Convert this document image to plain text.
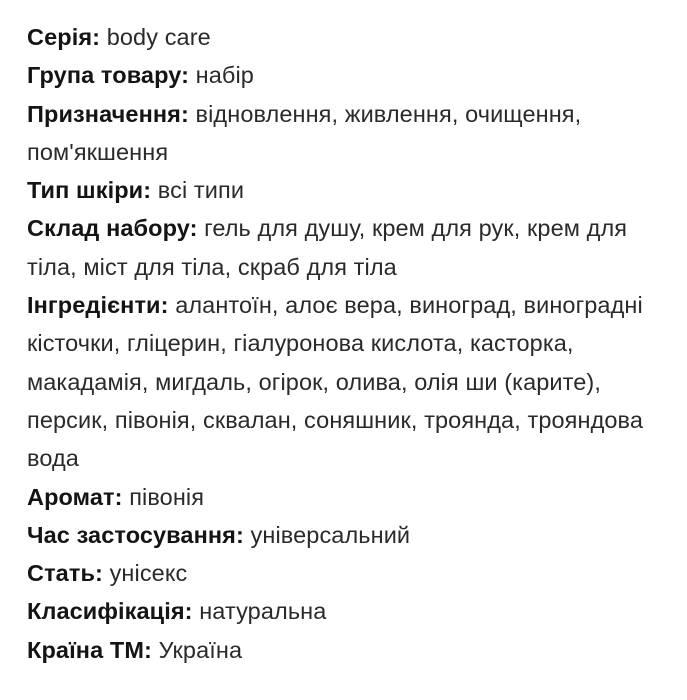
Серія: body care

Група товару: набір

Призначення: відновлення, живлення, очищення, пом'якшення

Тип шкіри: всі типи

Склад набору: гель для душу, крем для рук, крем для тіла, міст для тіла, скраб для тіла

Інгредієнти: алантоїн, алоє вера, виноград, виноградні кісточки, гліцерин, гіалуронова кислота, касторка, макадамія, мигдаль, огірок, олива, олія ши (карите), персик, півонія, сквалан, соняшник, троянда, трояндова вода

Аромат: півонія

Час застосування: універсальний

Стать: унісекс

Класифікація: натуральна

Країна ТМ: Україна
